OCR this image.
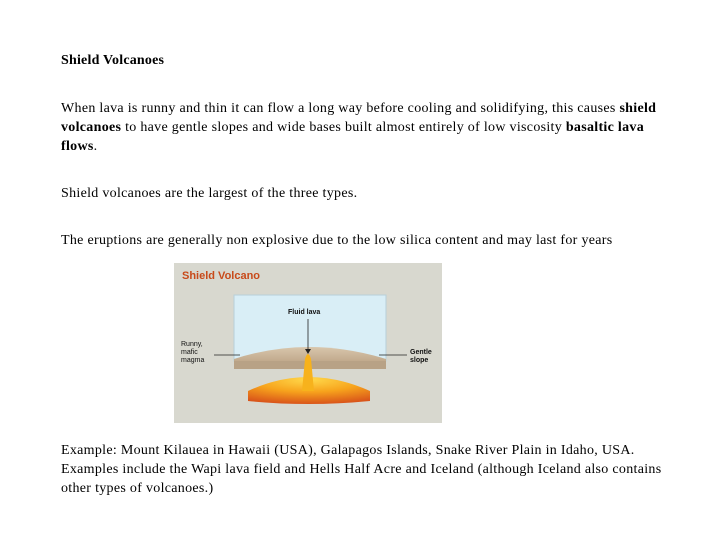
Shield Volcanoes
When lava is runny and thin it can flow a long way before cooling and solidifying, this causes shield volcanoes to have gentle slopes and wide bases built almost entirely of low viscosity basaltic lava flows.
Shield volcanoes are the largest of the three types.
The eruptions are generally non explosive due to the low silica content and may last for years
Shield Volcano
Fluid lava
Runny,
mafic
magma
Gentle
slope
Example: Mount Kilauea in Hawaii (USA), Galapagos Islands, Snake River Plain in Idaho, USA. Examples include the Wapi lava field and Hells Half Acre and Iceland (although Iceland also contains other types of volcanoes.)
